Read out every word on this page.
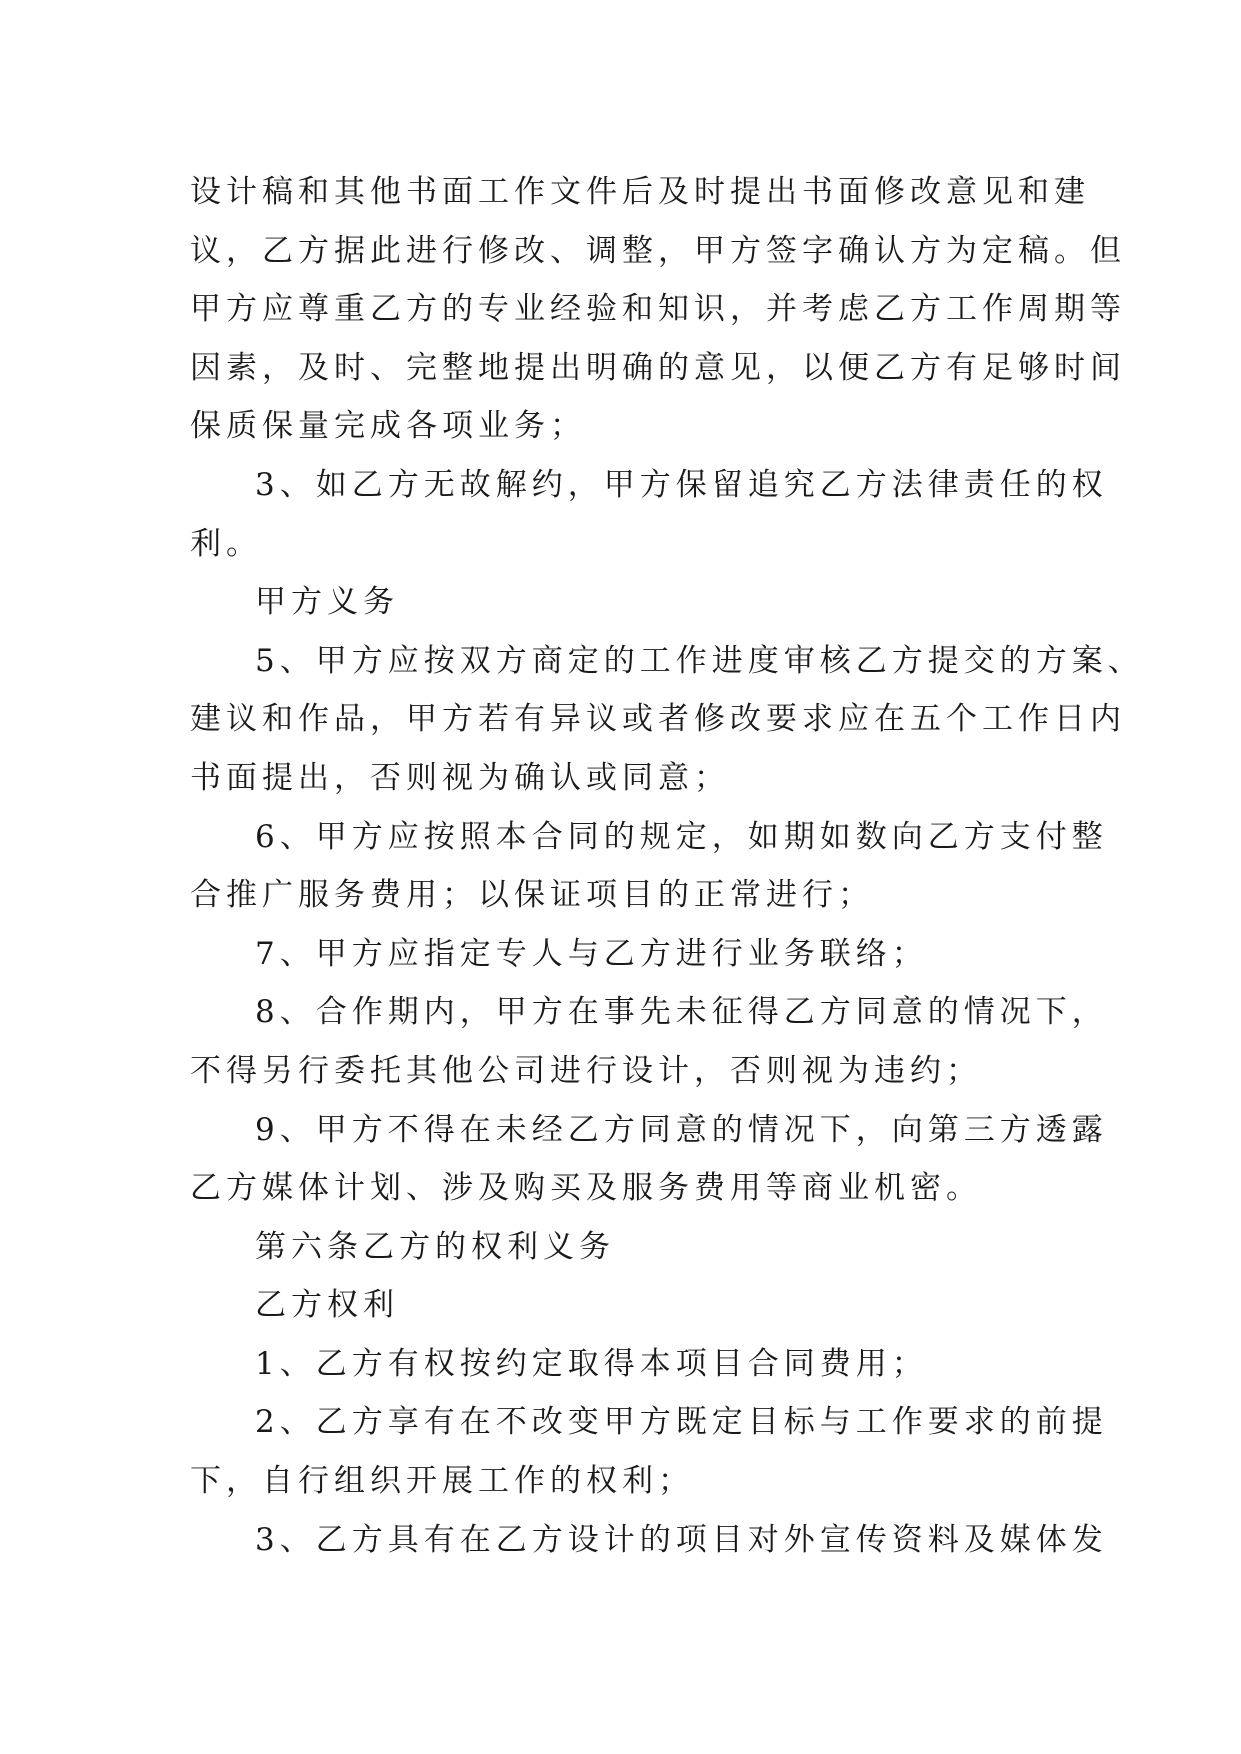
设计稿和其他书面工作文件后及时提出书面修改意见和建
议，乙方据此进行修改、调整，甲方签字确认方为定稿。但
甲方应尊重乙方的专业经验和知识，并考虑乙方工作周期等
因素，及时、完整地提出明确的意见，以便乙方有足够时间
保质保量完成各项业务；
3、如乙方无故解约，甲方保留追究乙方法律责任的权
利。
甲方义务
5、甲方应按双方商定的工作进度审核乙方提交的方案、
建议和作品，甲方若有异议或者修改要求应在五个工作日内
书面提出，否则视为确认或同意；
6、甲方应按照本合同的规定，如期如数向乙方支付整
合推广服务费用；以保证项目的正常进行；
7、甲方应指定专人与乙方进行业务联络；
8、合作期内，甲方在事先未征得乙方同意的情况下，
不得另行委托其他公司进行设计，否则视为违约；
9、甲方不得在未经乙方同意的情况下，向第三方透露
乙方媒体计划、涉及购买及服务费用等商业机密。
第六条乙方的权利义务
乙方权利
1、乙方有权按约定取得本项目合同费用；
2、乙方享有在不改变甲方既定目标与工作要求的前提
下，自行组织开展工作的权利；
3、乙方具有在乙方设计的项目对外宣传资料及媒体发
